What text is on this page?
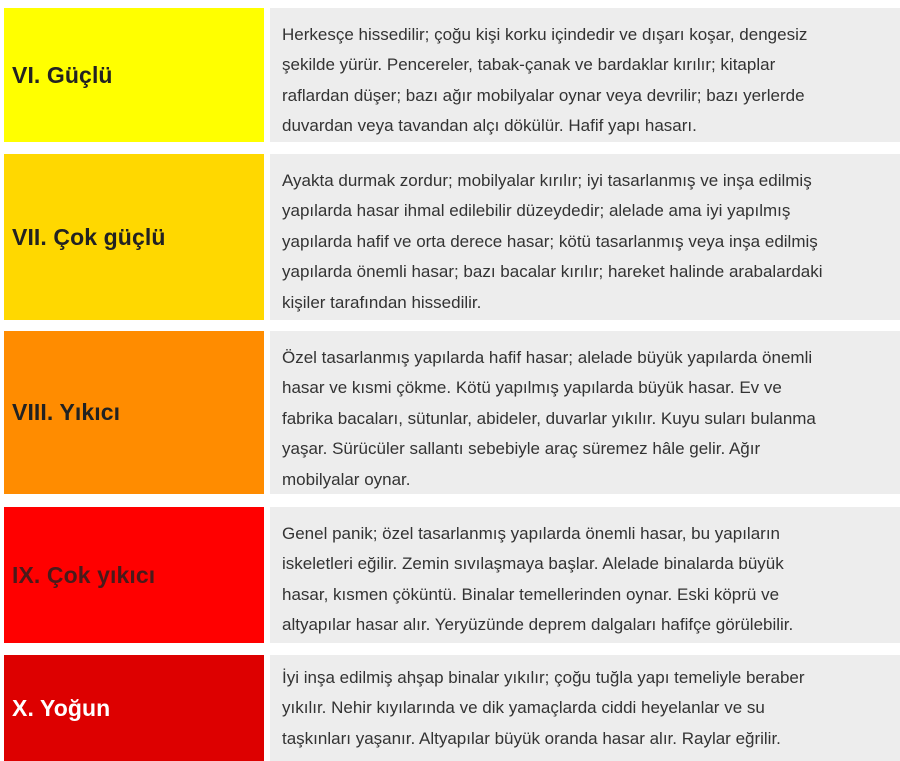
VI. Güçlü

Herkesçe hissedilir; çoğu kişi korku içindedir ve dışarı koşar, dengesiz
şekilde yürür. Pencereler, tabak-çanak ve bardaklar kırılır; kitaplar
raflardan düşer; bazı ağır mobilyalar oynar veya devrilir; bazı yerlerde
duvardan veya tavandan alçı dökülür. Hafif yapı hasarı.

VII. Çok güçlü

Ayakta durmak zordur; mobilyalar kırılır; iyi tasarlanmış ve inşa edilmiş
yapılarda hasar ihmal edilebilir düzeydedir; alelade ama iyi yapılmış
yapılarda hafif ve orta derece hasar; kötü tasarlanmış veya inşa edilmiş
yapılarda önemli hasar; bazı bacalar kırılır; hareket halinde arabalardaki
kişiler tarafından hissedilir.

VIII. Yıkıcı

Özel tasarlanmış yapılarda hafif hasar; alelade büyük yapılarda önemli
hasar ve kısmi çökme. Kötü yapılmış yapılarda büyük hasar. Ev ve
fabrika bacaları, sütunlar, abideler, duvarlar yıkılır. Kuyu suları bulanma
yaşar. Sürücüler sallantı sebebiyle araç süremez hâle gelir. Ağır
mobilyalar oynar.

IX. Çok yıkıcı

Genel panik; özel tasarlanmış yapılarda önemli hasar, bu yapıların
iskeletleri eğilir. Zemin sıvılaşmaya başlar. Alelade binalarda büyük
hasar, kısmen çöküntü. Binalar temellerinden oynar. Eski köprü ve
altyapılar hasar alır. Yeryüzünde deprem dalgaları hafifçe görülebilir.

X. Yoğun

İyi inşa edilmiş ahşap binalar yıkılır; çoğu tuğla yapı temeliyle beraber
yıkılır. Nehir kıyılarında ve dik yamaçlarda ciddi heyelanlar ve su
taşkınları yaşanır. Altyapılar büyük oranda hasar alır. Raylar eğrilir.
